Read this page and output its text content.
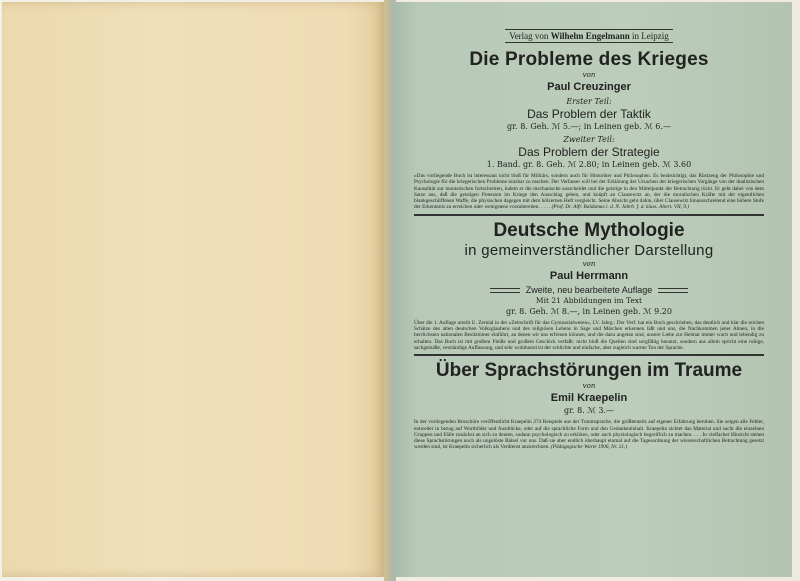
Verlag von Wilhelm Engelmann in Leipzig
Die Probleme des Krieges
von
Paul Creuzinger
Erster Teil:
Das Problem der Taktik
gr. 8. Geh. ℳ 5.—; in Leinen geb. ℳ 6.—
Zweiter Teil:
Das Problem der Strategie
1. Band. gr. 8. Geh. ℳ 2.80; in Leinen geb. ℳ 3.60
»Das vorliegende Buch ist interessant nicht bloß für Militärs, sondern auch für Historiker und Philosophen. Es beabsichtigt, das Rüstzeug der Philosophie und Psychologie für die kriegerischen Probleme nutzbar zu machen. Der Verfasser will bei der Erklärung der Ursachen der kriegerischen Vorgänge von der dualistischen Kausalität zur monistischen fortschreiten, indem er die mechanische ausscheidet und die geistige in den Mittelpunkt der Betrachtung rückt. Er geht dabei von dem Satze aus, daß die geistigen Potenzen im Kriege den Ausschlag geben, und knüpft an Clausewitz an, der die moralischen Kräfte mit der eigentlichen blankgeschliffenen Waffe, die physischen dagegen mit dem hölzernen Heft vergleicht. Seine Absicht geht dahin, über Clausewitz hinausschreitend eine höhere Stufe der Erkenntnis zu erreichen oder wenigstens vorzubereiten. . . . . (Prof. Dr. Alfr. Baldamus i. d. N. Jahrb. f. d. klass. Altert. VII, 9.)
Deutsche Mythologie
in gemeinverständlicher Darstellung
von
Paul Herrmann
Zweite, neu bearbeitete Auflage
Mit 21 Abbildungen im Text
gr. 8. Geh. ℳ 8.—, in Leinen geb. ℳ 9.20
Über die 1. Auflage urteilt U. Zernial in der »Zeitschrift für das Gymnasialwesen«, LV. Jahrg.: Der Verf. hat ein Buch geschrieben, das deutlich und klar die reichen Schätze des alten deutschen Volksglaubens und des religiösen Lebens in Sage und Märchen erkennen läßt und uns, die Nachkommen jener Ahnen, in die herrlichsten nationalen Besitztümer einführt, an denen wir uns erfreuen können, und die dazu angetan sind, unsere Liebe zur Heimat immer wach und lebendig zu erhalten. Das Buch ist mit großem Fleiße und großem Geschick verfaßt: nicht bloß die Quellen sind sorgfältig benutzt, sondern aus allem spricht eine ruhige, sachgemäße, verständige Auffassung, und sehr wohltuend ist der schlichte und einfache, aber zugleich warme Ton der Sprache.
Über Sprachstörungen im Traume
von
Emil Kraepelin
gr. 8. ℳ 3.—
In der vorliegenden Broschüre veröffentlicht Kraepelin 274 Beispiele aus der Traumsprache, die größtenteils auf eigener Erfahrung beruhen. Sie zeigen alle Fehler, entweder in bezug auf Wortbilder und Ausdrücke, oder auf die sprachliche Form und den Gedankeninhalt. Kraepelin sichtet das Material und sucht die einzelnen Gruppen und Fälle zunächst an sich zu deuten, sodann psychologisch zu erklären, oder auch physiologisch begreiflich zu machen. . . . In vielfacher Hinsicht stehen diese Sprachstörungen noch als ungelöste Rätsel vor uns. Daß sie aber endlich überhaupt einmal auf die Tagesordnung der wissenschaftlichen Betrachtung gesetzt worden sind, ist Kraepelin sicherlich als Verdienst anzurechnen. (Pädagogische Warte 1906, Nr. 21.)
